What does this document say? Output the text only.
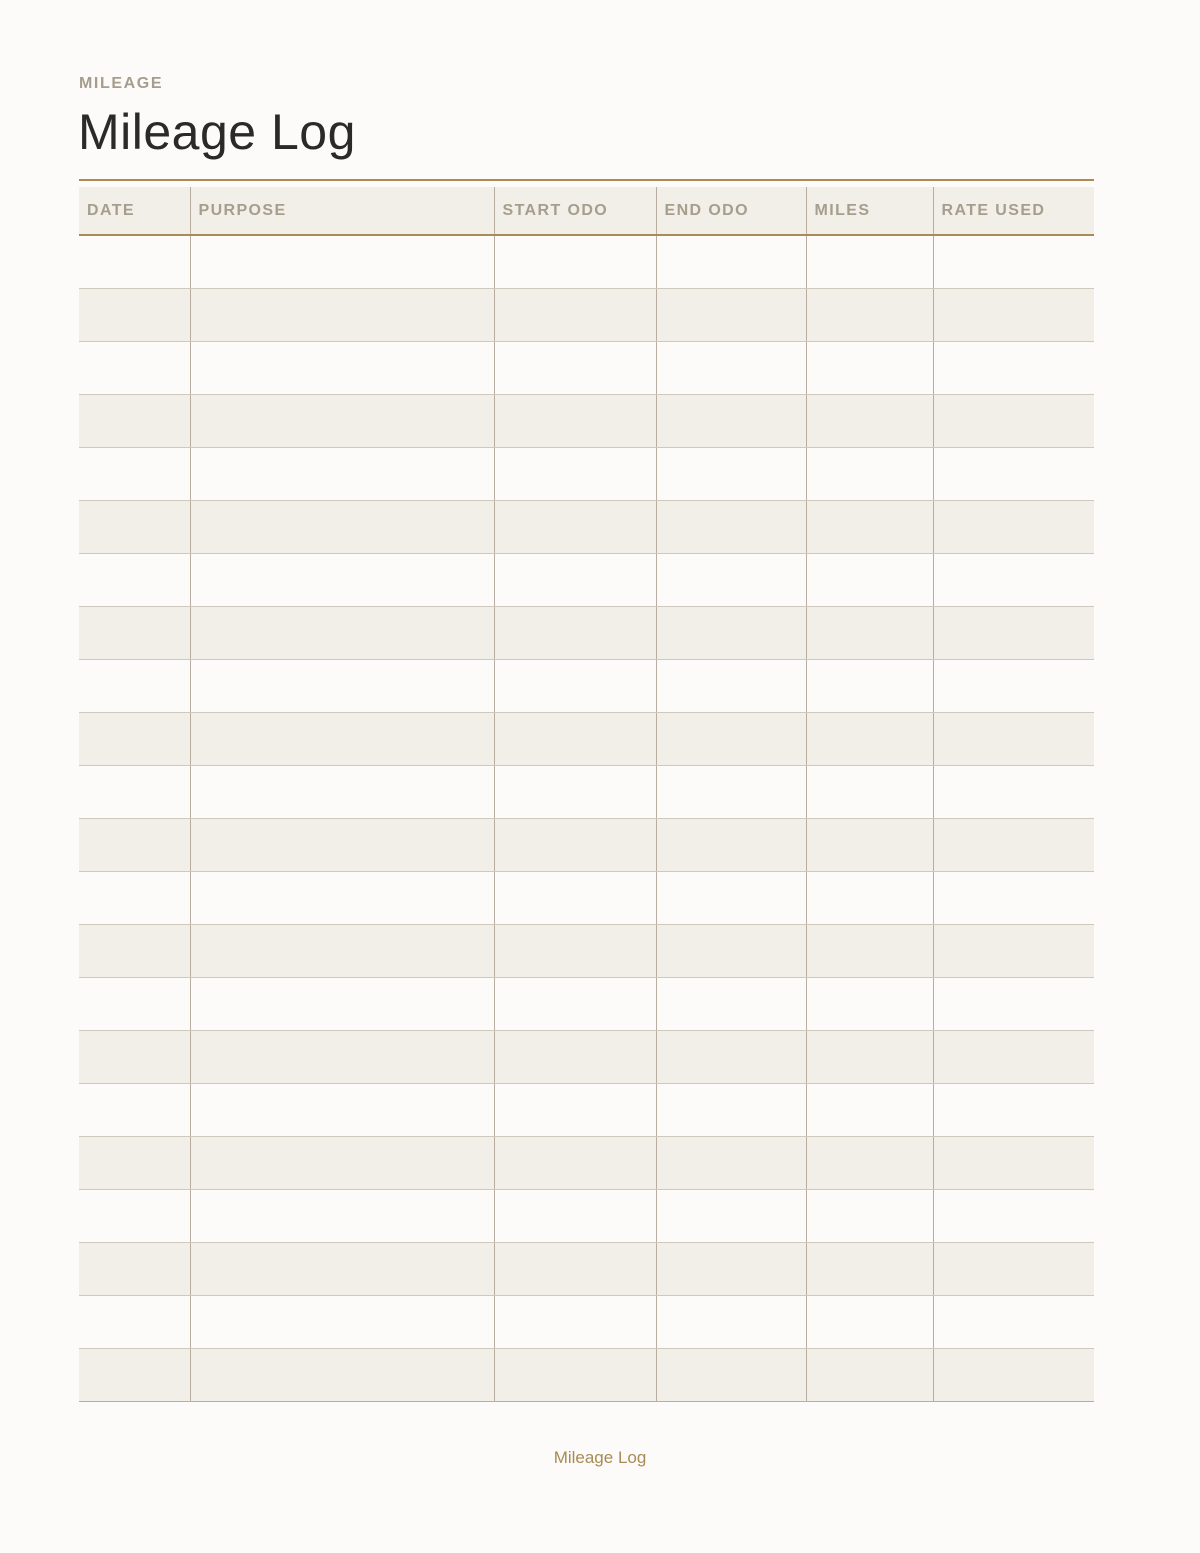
MILEAGE
Mileage Log
DATE	PURPOSE	START ODO	END ODO	MILES	RATE USED

Mileage Log
